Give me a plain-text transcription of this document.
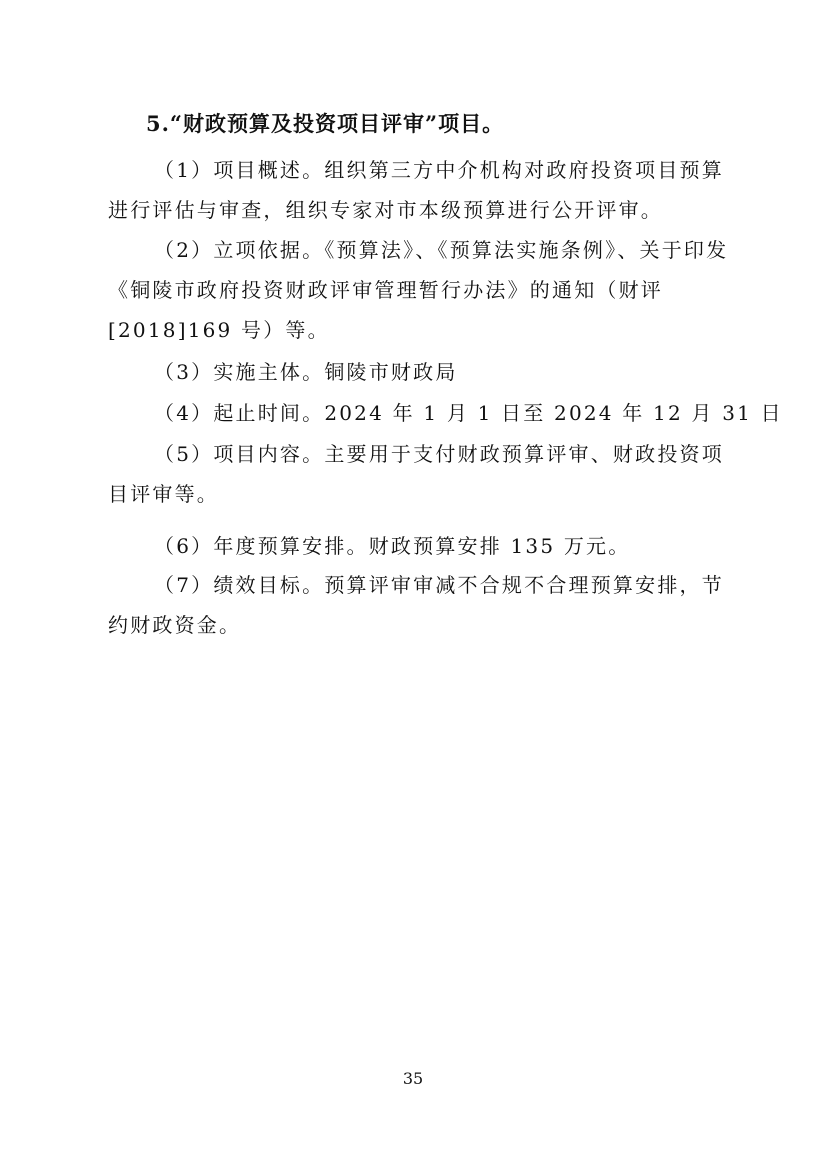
5.“财政预算及投资项目评审”项目。
（1）项目概述。组织第三方中介机构对政府投资项目预算
进行评估与审查，组织专家对市本级预算进行公开评审。
（2）立项依据。《预算法》、《预算法实施条例》、关于印发
《铜陵市政府投资财政评审管理暂行办法》的通知（财评
[2018]169 号）等。
（3）实施主体。铜陵市财政局
（4）起止时间。2024 年 1 月 1 日至 2024 年 12 月 31 日
（5）项目内容。主要用于支付财政预算评审、财政投资项
目评审等。
（6）年度预算安排。财政预算安排 135 万元。
（7）绩效目标。预算评审审减不合规不合理预算安排，节
约财政资金。
35
